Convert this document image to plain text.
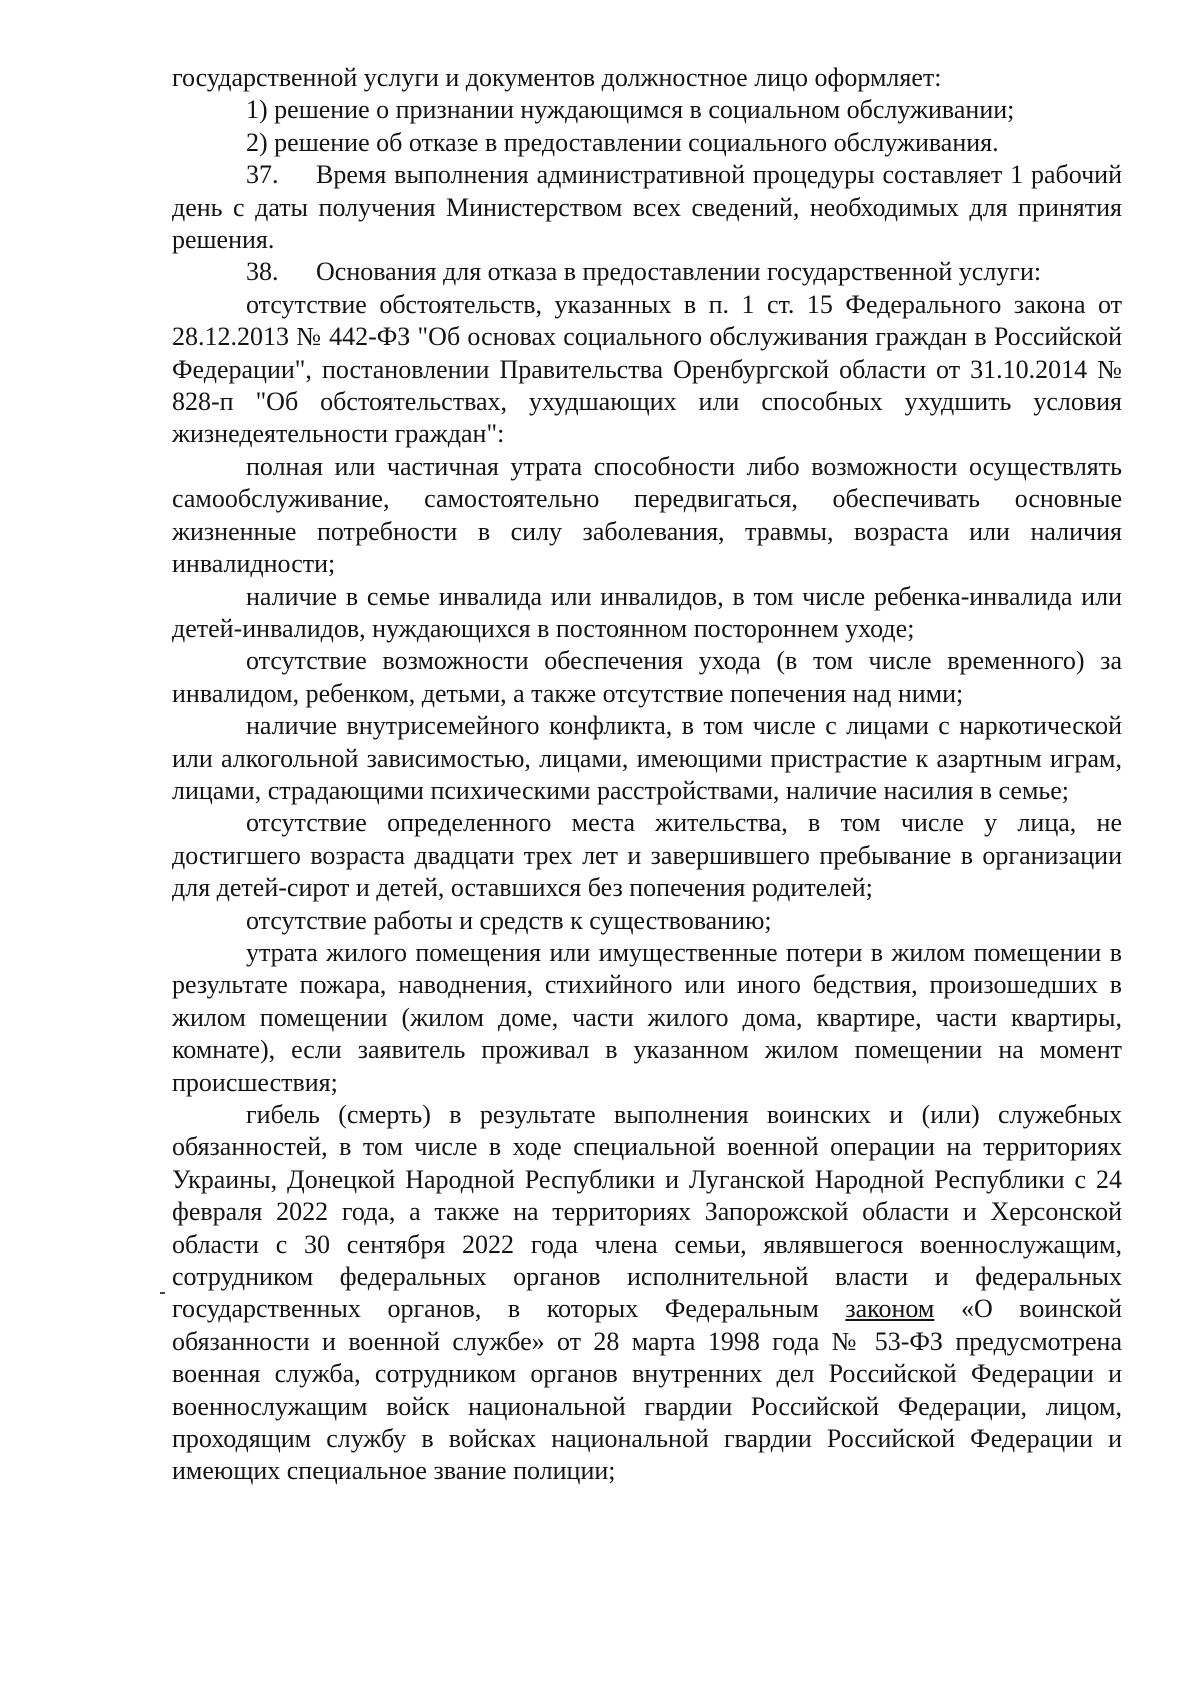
государственной услуги и документов должностное лицо оформляет:

1) решение о признании нуждающимся в социальном обслуживании;

2) решение об отказе в предоставлении социального обслуживания.

37. Время выполнения административной процедуры составляет 1 рабочий день с даты получения Министерством всех сведений, необходимых для принятия решения.

38. Основания для отказа в предоставлении государственной услуги:

отсутствие обстоятельств, указанных в п. 1 ст. 15 Федерального закона от 28.12.2013 № 442-ФЗ "Об основах социального обслуживания граждан в Российской Федерации", постановлении Правительства Оренбургской области от 31.10.2014 № 828-п "Об обстоятельствах, ухудшающих или способных ухудшить условия жизнедеятельности граждан":

полная или частичная утрата способности либо возможности осуществлять самообслуживание, самостоятельно передвигаться, обеспечивать основные жизненные потребности в силу заболевания, травмы, возраста или наличия инвалидности;

наличие в семье инвалида или инвалидов, в том числе ребенка-инвалида или детей-инвалидов, нуждающихся в постоянном постороннем уходе;

отсутствие возможности обеспечения ухода (в том числе временного) за инвалидом, ребенком, детьми, а также отсутствие попечения над ними;

наличие внутрисемейного конфликта, в том числе с лицами с наркотической или алкогольной зависимостью, лицами, имеющими пристрастие к азартным играм, лицами, страдающими психическими расстройствами, наличие насилия в семье;

отсутствие определенного места жительства, в том числе у лица, не достигшего возраста двадцати трех лет и завершившего пребывание в организации для детей-сирот и детей, оставшихся без попечения родителей;

отсутствие работы и средств к существованию;

утрата жилого помещения или имущественные потери в жилом помещении в результате пожара, наводнения, стихийного или иного бедствия, произошедших в жилом помещении (жилом доме, части жилого дома, квартире, части квартиры, комнате), если заявитель проживал в указанном жилом помещении на момент происшествия;

гибель (смерть) в результате выполнения воинских и (или) служебных обязанностей, в том числе в ходе специальной военной операции на территориях Украины, Донецкой Народной Республики и Луганской Народной Республики с 24 февраля 2022 года, а также на территориях Запорожской области и Херсонской области с 30 сентября 2022 года члена семьи, являвшегося военнослужащим, сотрудником федеральных органов исполнительной власти и федеральных государственных органов, в которых Федеральным законом «О воинской обязанности и военной службе» от 28 марта 1998 года № 53-ФЗ предусмотрена военная служба, сотрудником органов внутренних дел Российской Федерации и военнослужащим войск национальной гвардии Российской Федерации, лицом, проходящим службу в войсках национальной гвардии Российской Федерации и имеющих специальное звание полиции;
